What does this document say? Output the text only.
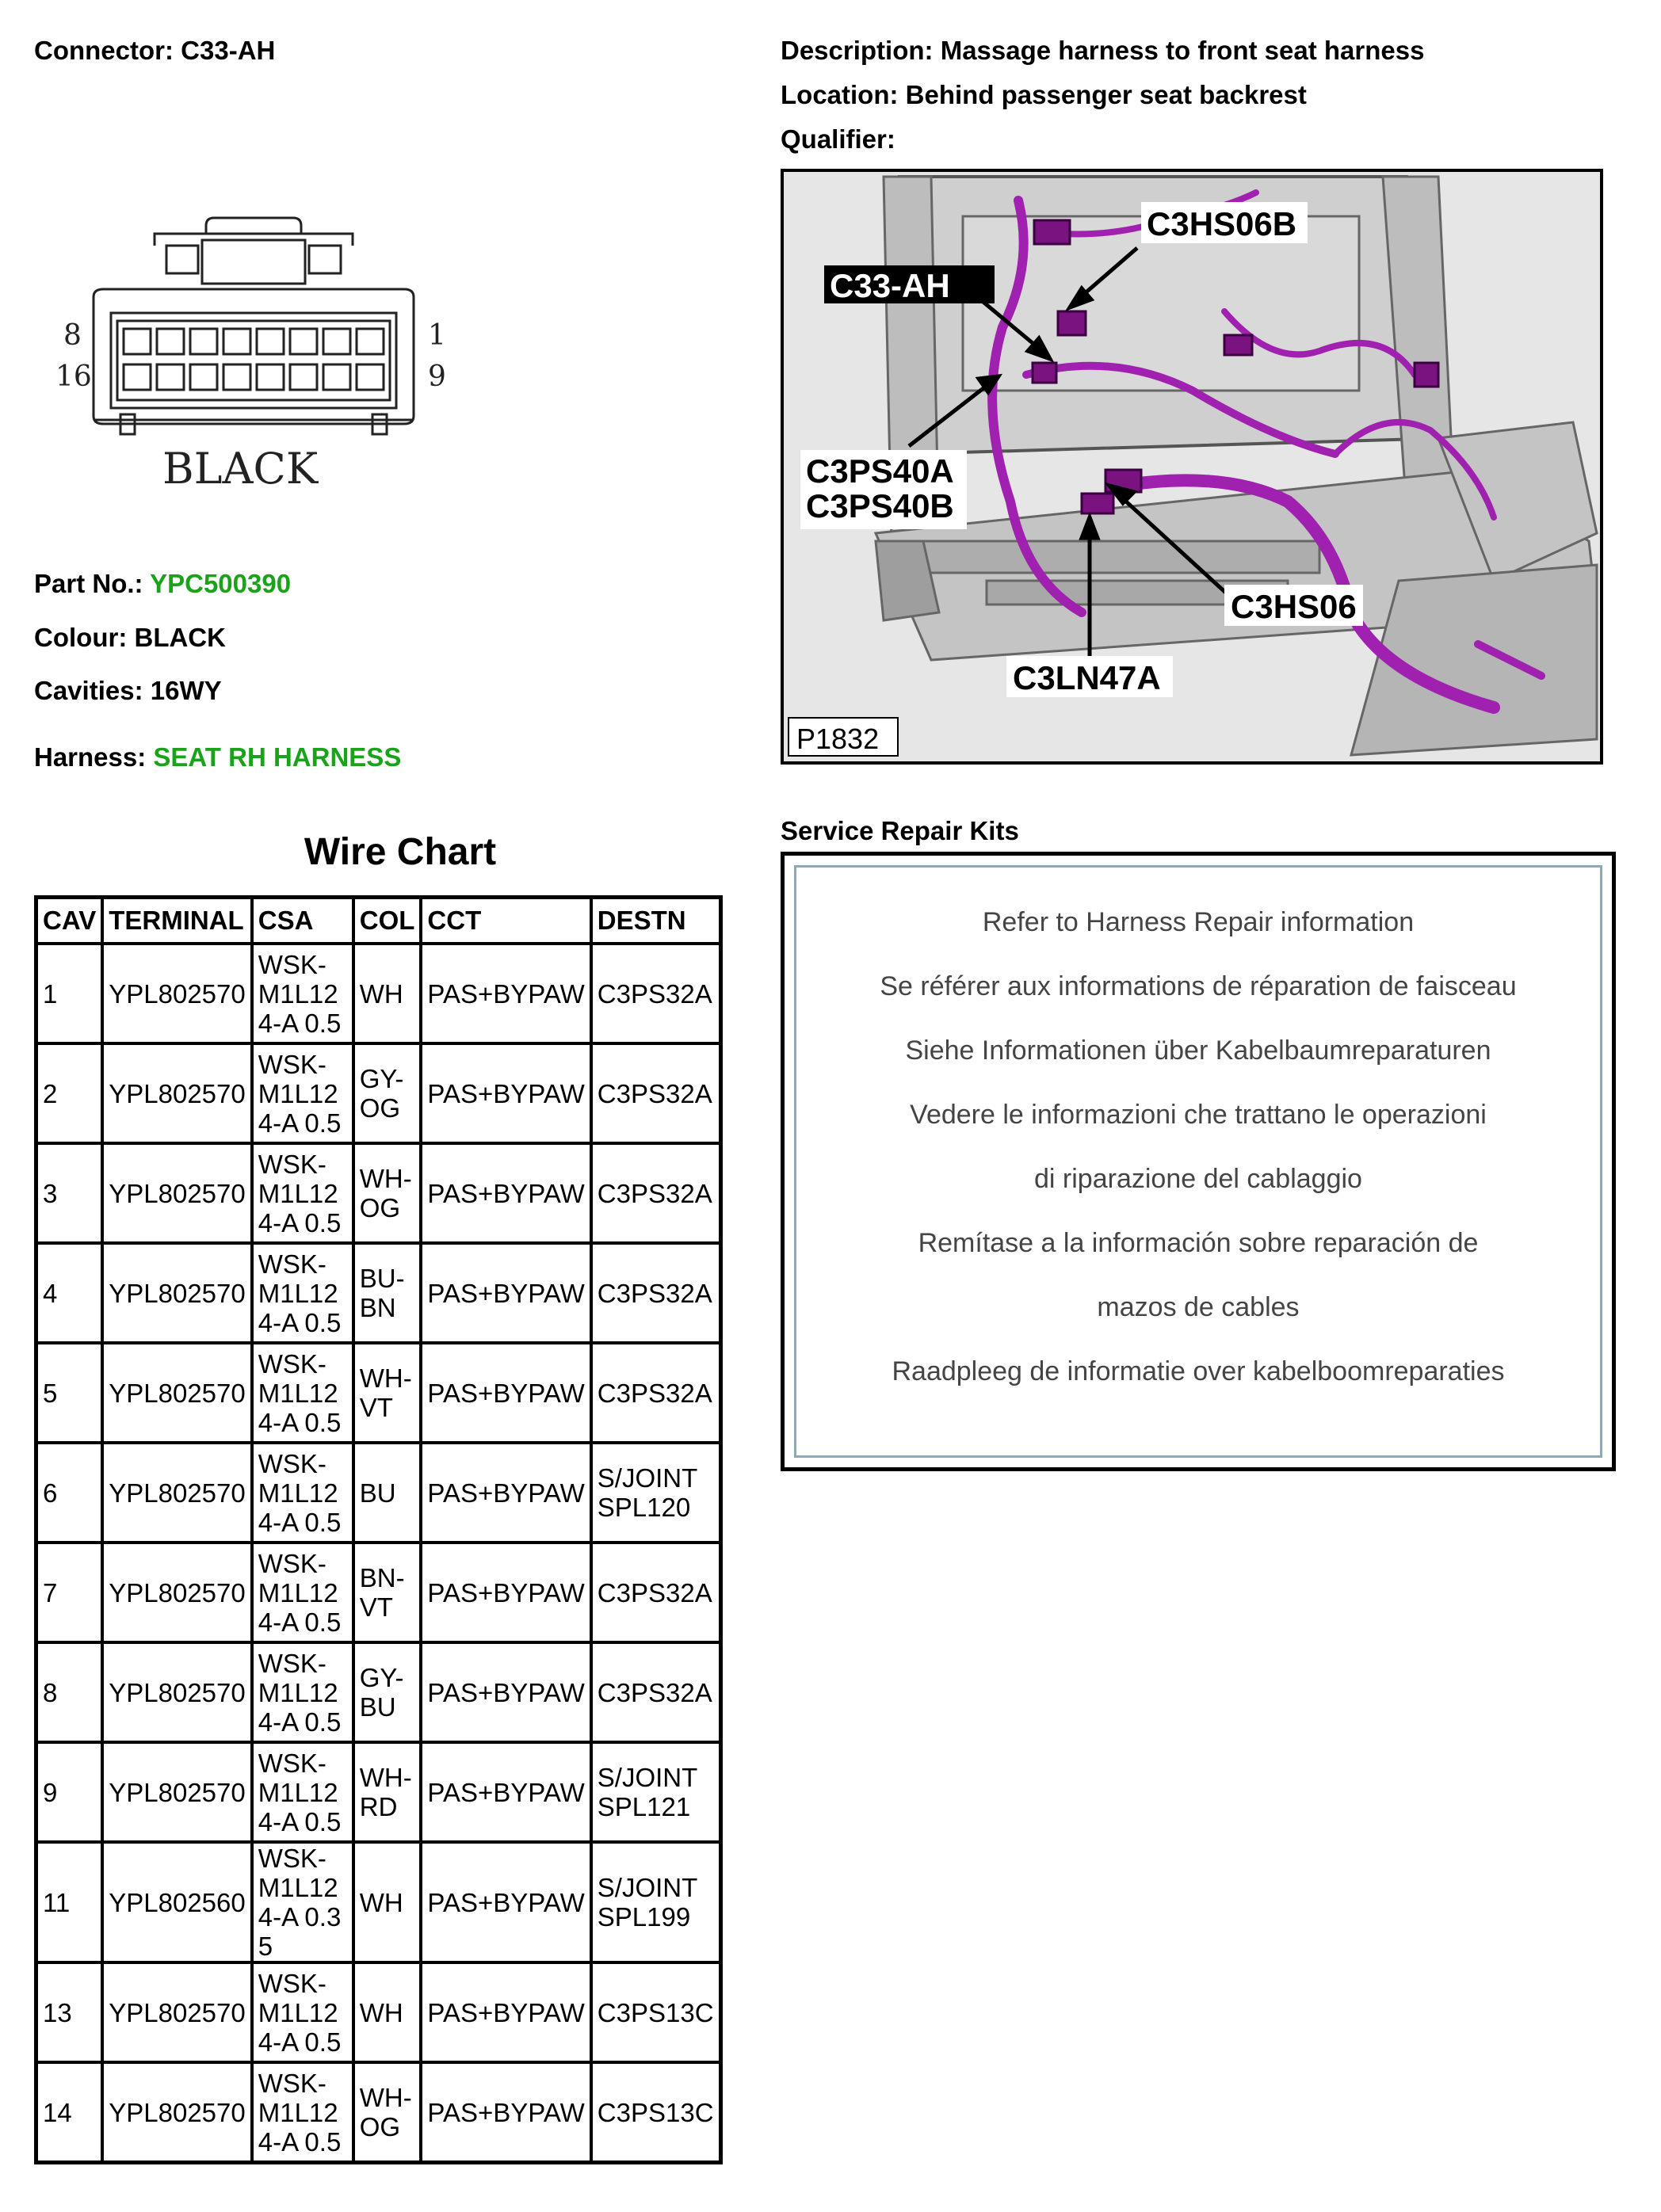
Connector: C33-AH	Description: Massage harness to front seat harness
Location: Behind passenger seat backrest
Qualifier:
8
16
1
9
BLACK
Part No.: YPC500390
Colour: BLACK
Cavities: 16WY
Harness: SEAT RH HARNESS
C3HS06B
C33-AH
C3PS40A
C3PS40B
C3HS06
C3LN47A
P1832
Wire Chart
CAV	TERMINAL	CSA	COL	CCT	DESTN
1	YPL802570	WSK-M1L124-A 0.5	WH	PAS+BYPAW	C3PS32A
2	YPL802570	WSK-M1L124-A 0.5	GY-OG	PAS+BYPAW	C3PS32A
3	YPL802570	WSK-M1L124-A 0.5	WH-OG	PAS+BYPAW	C3PS32A
4	YPL802570	WSK-M1L124-A 0.5	BU-BN	PAS+BYPAW	C3PS32A
5	YPL802570	WSK-M1L124-A 0.5	WH-VT	PAS+BYPAW	C3PS32A
6	YPL802570	WSK-M1L124-A 0.5	BU	PAS+BYPAW	S/JOINT SPL120
7	YPL802570	WSK-M1L124-A 0.5	BN-VT	PAS+BYPAW	C3PS32A
8	YPL802570	WSK-M1L124-A 0.5	GY-BU	PAS+BYPAW	C3PS32A
9	YPL802570	WSK-M1L124-A 0.5	WH-RD	PAS+BYPAW	S/JOINT SPL121
11	YPL802560	WSK-M1L124-A 0.35	WH	PAS+BYPAW	S/JOINT SPL199
13	YPL802570	WSK-M1L124-A 0.5	WH	PAS+BYPAW	C3PS13C
14	YPL802570	WSK-M1L124-A 0.5	WH-OG	PAS+BYPAW	C3PS13C
Service Repair Kits
Refer to Harness Repair information
Se référer aux informations de réparation de faisceau
Siehe Informationen über Kabelbaumreparaturen
Vedere le informazioni che trattano le operazioni
di riparazione del cablaggio
Remítase a la información sobre reparación de
mazos de cables
Raadpleeg de informatie over kabelboomreparaties
